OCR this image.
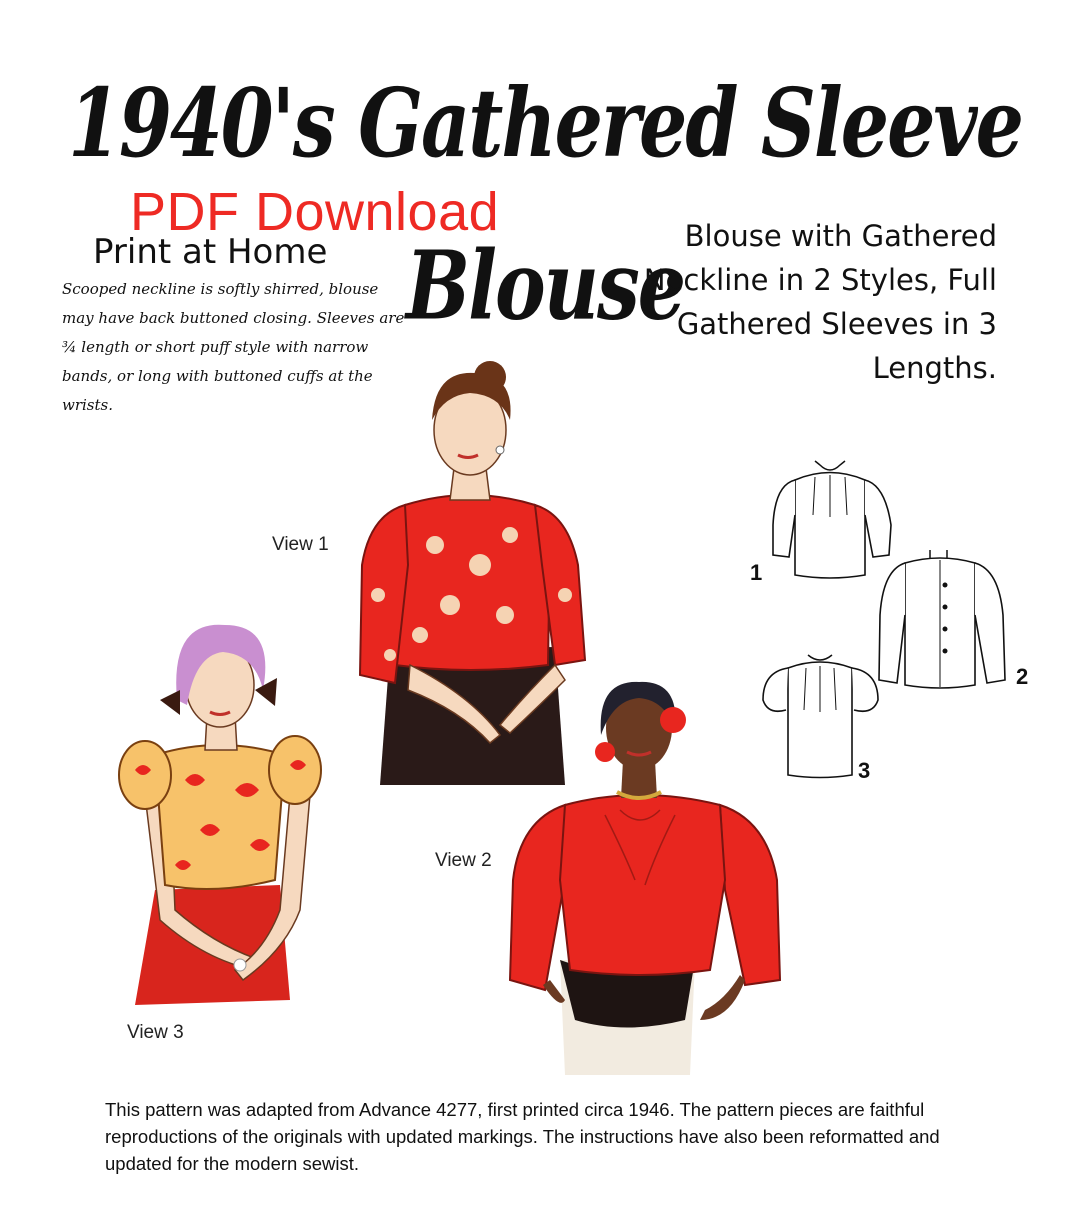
1940's Gathered Sleeve Blouse
PDF Download
Print at Home
Scooped neckline is softly shirred, blouse may have back buttoned closing. Sleeves are ¾ length or short puff style with narrow bands, or long with buttoned cuffs at the wrists.
Blouse with Gathered
Neckline in 2 Styles, Full
Gathered Sleeves in 3
Lengths.
View 1
View 3
View 2
1
2
3
This pattern was adapted from Advance 4277, first printed circa 1946. The pattern pieces are faithful reproductions of the originals with updated markings. The instructions have also been reformatted and updated for the modern sewist.
